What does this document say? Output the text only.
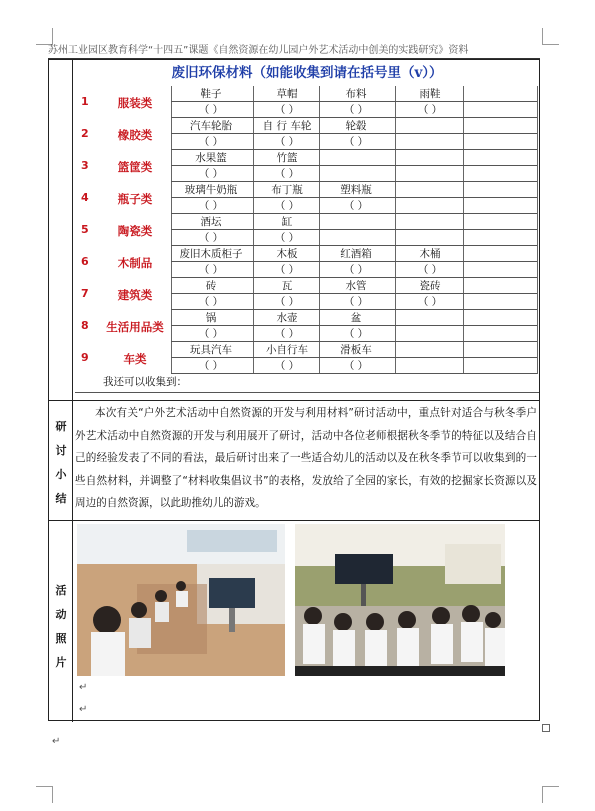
苏州工业园区教育科学“十四五”课题《自然资源在幼儿园户外艺术活动中创美的实践研究》资料
废旧环保材料（如能收集到请在括号里（v））
1	服装类
鞋子
（ ）
草帽
（ ）
布料
（ ）
雨鞋
（ ）
2	橡胶类
汽车轮胎
（ ）
自 行 车轮
（ ）
轮毂
（ ）
3	篮筐类
水果篮
（ ）
竹篮
（ ）
4	瓶子类
玻璃牛奶瓶
（ ）
布丁瓶
（ ）
塑料瓶
（ ）
5	陶瓷类
酒坛
（ ）
缸
（ ）
6	木制品
废旧木质柜子
（ ）
木板
（ ）
红酒箱
（ ）
木桶
（ ）
7	建筑类
砖
（ ）
瓦
（ ）
水管
（ ）
瓷砖
（ ）
8	生活用品类
锅
（ ）
水壶
（ ）
盆
（ ）
9	车类
玩具汽车
（ ）
小自行车
（ ）
滑板车
（ ）
我还可以收集到：
研
讨
小
结
本次有关“户外艺术活动中自然资源的开发与利用材料”研讨活动中，重点针对适合与秋冬季户外艺术活动中自然资源的开发与利用展开了研讨，活动中各位老师根据秋冬季节的特征以及结合自己的经验发表了不同的看法，最后研讨出来了一些适合幼儿的活动以及在秋冬季节可以收集到的一些自然材料，并调整了“材料收集倡议书”的表格，发放给了全园的家长，有效的挖掘家长资源以及周边的自然资源，以此助推幼儿的游戏。
活
动
照
片
↵
↵
↵
